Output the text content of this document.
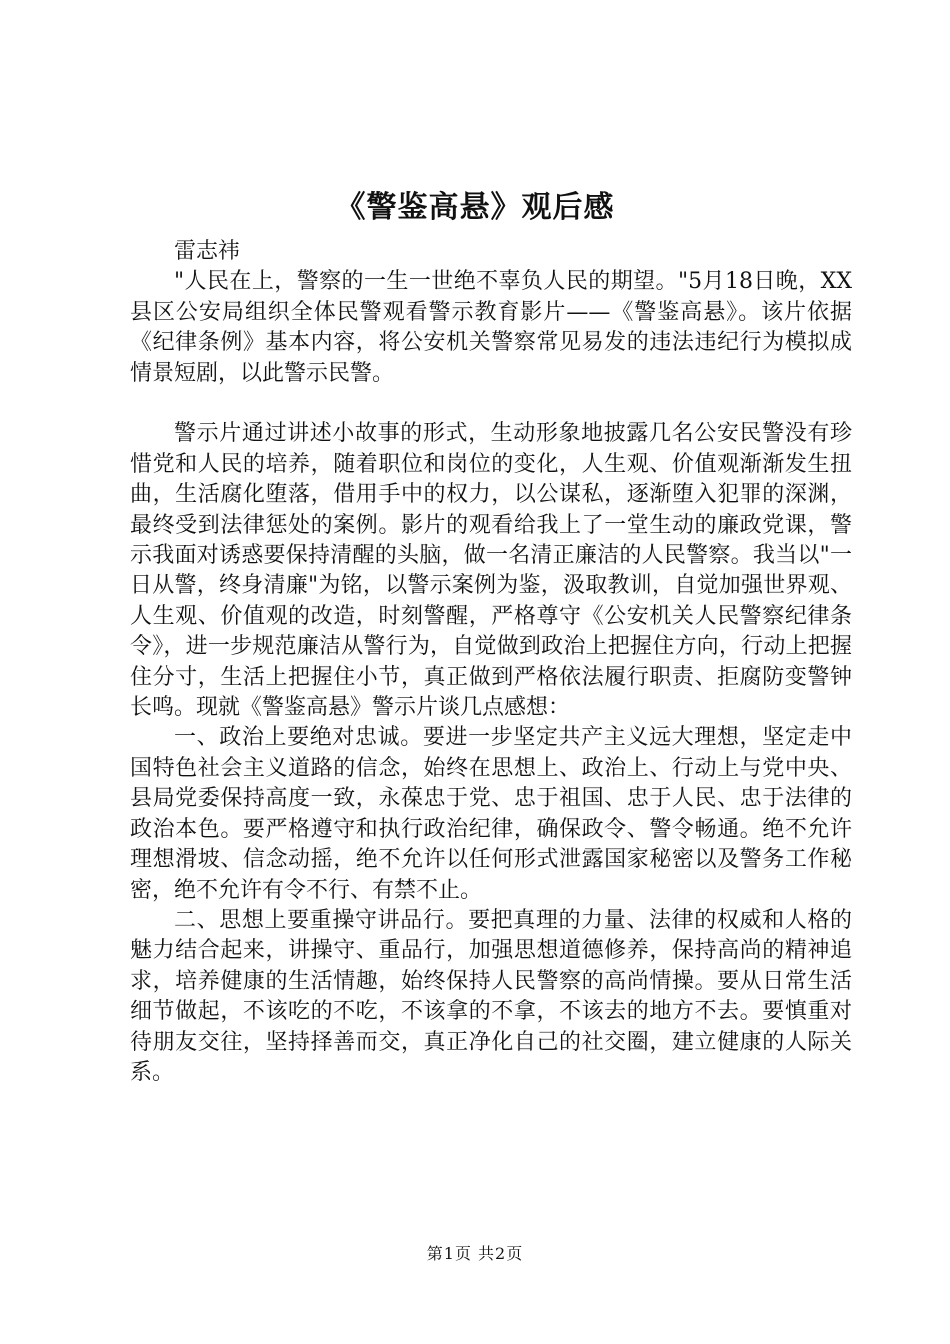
《警鉴高悬》观后感

雷志祎

"人民在上，警察的一生一世绝不辜负人民的期望。"5月18日晚，XX县区公安局组织全体民警观看警示教育影片——《警鉴高悬》。该片依据《纪律条例》基本内容，将公安机关警察常见易发的违法违纪行为模拟成情景短剧，以此警示民警。

警示片通过讲述小故事的形式，生动形象地披露几名公安民警没有珍惜党和人民的培养，随着职位和岗位的变化，人生观、价值观渐渐发生扭曲，生活腐化堕落，借用手中的权力，以公谋私，逐渐堕入犯罪的深渊，最终受到法律惩处的案例。影片的观看给我上了一堂生动的廉政党课，警示我面对诱惑要保持清醒的头脑，做一名清正廉洁的人民警察。我当以"一日从警，终身清廉"为铭，以警示案例为鉴，汲取教训，自觉加强世界观、人生观、价值观的改造，时刻警醒，严格尊守《公安机关人民警察纪律条令》，进一步规范廉洁从警行为，自觉做到政治上把握住方向，行动上把握住分寸，生活上把握住小节，真正做到严格依法履行职责、拒腐防变警钟长鸣。现就《警鉴高悬》警示片谈几点感想：

一、政治上要绝对忠诚。要进一步坚定共产主义远大理想，坚定走中国特色社会主义道路的信念，始终在思想上、政治上、行动上与党中央、县局党委保持高度一致，永葆忠于党、忠于祖国、忠于人民、忠于法律的政治本色。要严格遵守和执行政治纪律，确保政令、警令畅通。绝不允许理想滑坡、信念动摇，绝不允许以任何形式泄露国家秘密以及警务工作秘密，绝不允许有令不行、有禁不止。

二、思想上要重操守讲品行。要把真理的力量、法律的权威和人格的魅力结合起来，讲操守、重品行，加强思想道德修养，保持高尚的精神追求，培养健康的生活情趣，始终保持人民警察的高尚情操。要从日常生活细节做起，不该吃的不吃，不该拿的不拿，不该去的地方不去。要慎重对待朋友交往，坚持择善而交，真正净化自己的社交圈，建立健康的人际关系。

第1页 共2页
